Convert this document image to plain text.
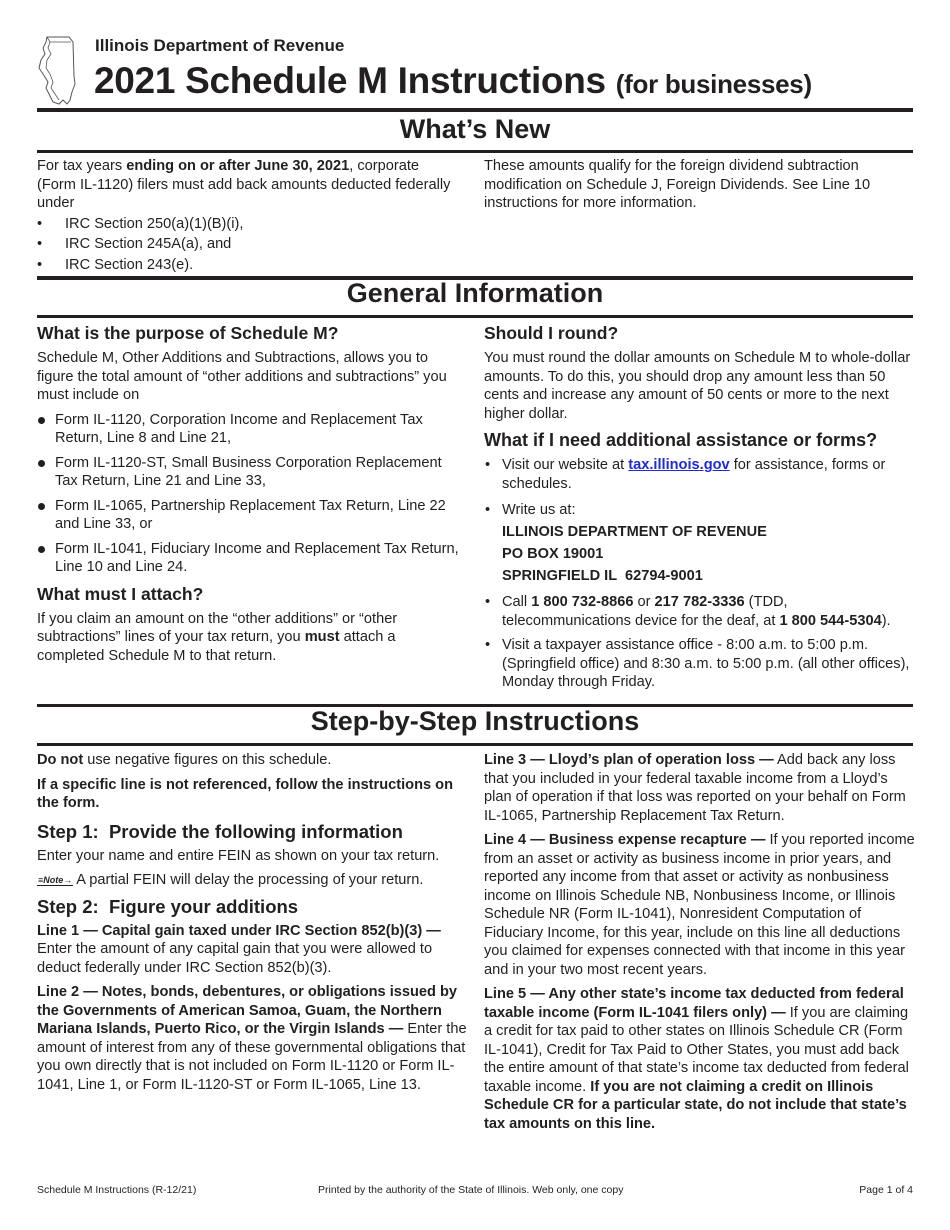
Illinois Department of Revenue
2021 Schedule M Instructions (for businesses)
What’s New

For tax years ending on or after June 30, 2021, corporate (Form IL-1120) filers must add back amounts deducted federally under

• IRC Section 250(a)(1)(B)(i),
• IRC Section 245A(a), and
• IRC Section 243(e).

These amounts qualify for the foreign dividend subtraction modification on Schedule J, Foreign Dividends. See Line 10 instructions for more information.

General Information
What is the purpose of Schedule M?

Schedule M, Other Additions and Subtractions, allows you to figure the total amount of “other additions and subtractions” you must include on

Form IL-1120, Corporation Income and Replacement Tax Return, Line 8 and Line 21,
Form IL-1120-ST, Small Business Corporation Replacement Tax Return, Line 21 and Line 33,
Form IL-1065, Partnership Replacement Tax Return, Line 22 and Line 33, or
Form IL-1041, Fiduciary Income and Replacement Tax Return, Line 10 and Line 24.
What must I attach?

If you claim an amount on the “other additions” or “other subtractions” lines of your tax return, you must attach a completed Schedule M to that return.

Should I round?

You must round the dollar amounts on Schedule M to whole-dollar amounts. To do this, you should drop any amount less than 50 cents and increase any amount of 50 cents or more to the next higher dollar.

What if I need additional assistance or forms?
• Visit our website at tax.illinois.gov for assistance, forms or schedules.
• Write us at:
ILLINOIS DEPARTMENT OF REVENUE
PO BOX 19001
SPRINGFIELD IL  62794-9001
• Call 1 800 732-8866 or 217 782-3336 (TDD, telecommunications device for the deaf, at 1 800 544-5304).
• Visit a taxpayer assistance office - 8:00 a.m. to 5:00 p.m. (Springfield office) and 8:30 a.m. to 5:00 p.m. (all other offices), Monday through Friday.
Step-by-Step Instructions

Do not use negative figures on this schedule.

If a specific line is not referenced, follow the instructions on the form.

Step 1:  Provide the following information

Enter your name and entire FEIN as shown on your tax return.

≡Note→ A partial FEIN will delay the processing of your return.

Step 2:  Figure your additions

Line 1 — Capital gain taxed under IRC Section 852(b)(3) — Enter the amount of any capital gain that you were allowed to deduct federally under IRC Section 852(b)(3).

Line 2 — Notes, bonds, debentures, or obligations issued by the Governments of American Samoa, Guam, the Northern Mariana Islands, Puerto Rico, or the Virgin Islands — Enter the amount of interest from any of these governmental obligations that you own directly that is not included on Form IL-1120 or Form IL-1041, Line 1, or Form IL-1120-ST or Form IL-1065, Line 13.

Line 3 — Lloyd’s plan of operation loss — Add back any loss that you included in your federal taxable income from a Lloyd’s plan of operation if that loss was reported on your behalf on Form IL-1065, Partnership Replacement Tax Return.

Line 4 — Business expense recapture — If you reported income from an asset or activity as business income in prior years, and reported any income from that asset or activity as nonbusiness income on Illinois Schedule NB, Nonbusiness Income, or Illinois Schedule NR (Form IL-1041), Nonresident Computation of Fiduciary Income, for this year, include on this line all deductions you claimed for expenses connected with that income in this year and in your two most recent years.

Line 5 — Any other state’s income tax deducted from federal taxable income (Form IL-1041 filers only) — If you are claiming a credit for tax paid to other states on Illinois Schedule CR (Form IL-1041), Credit for Tax Paid to Other States, you must add back the entire amount of that state’s income tax deducted from federal taxable income. If you are not claiming a credit on Illinois Schedule CR for a particular state, do not include that state’s tax amounts on this line.

Schedule M Instructions (R-12/21)	Printed by the authority of the State of Illinois. Web only, one copy	Page 1 of 4
